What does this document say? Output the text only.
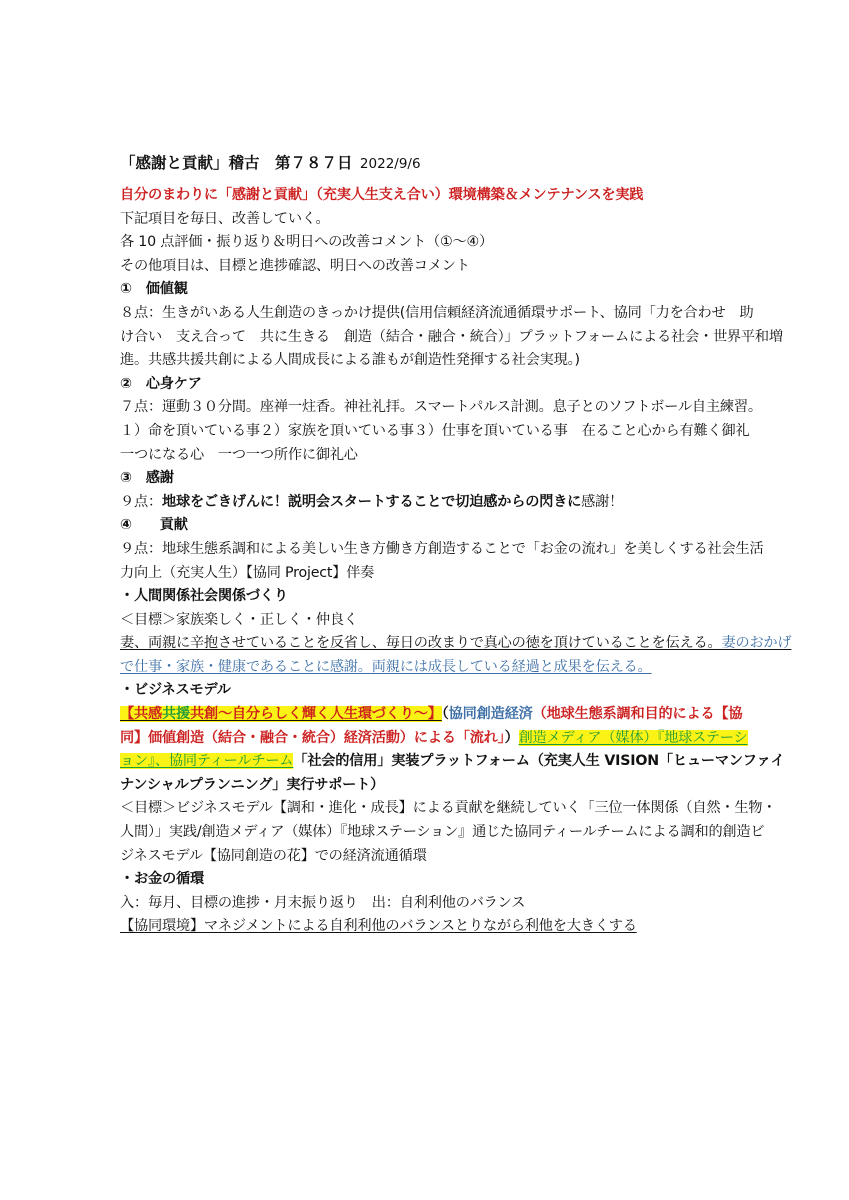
「感謝と貢献」稽古　第７８７日 2022/9/6
自分のまわりに「感謝と貢献」（充実人生支え合い）環境構築＆メンテナンスを実践
下記項目を毎日、改善していく。
各 10 点評価・振り返り＆明日への改善コメント（①～④）
その他項目は、目標と進捗確認、明日への改善コメント
①　価値観
８点：生きがいある人生創造のきっかけ提供(信用信頼経済流通循環サポート、協同「力を合わせ　助
け合い　支え合って　共に生きる　創造（結合・融合・統合）」プラットフォームによる社会・世界平和増
進。共感共援共創による人間成長による誰もが創造性発揮する社会実現。)
②　心身ケア
７点：運動３０分間。座禅一炷香。神社礼拝。スマートパルス計測。息子とのソフトボール自主練習。
１）命を頂いている事２）家族を頂いている事３）仕事を頂いている事　在ること心から有難く御礼
一つになる心　一つ一つ所作に御礼心
③　感謝
９点：地球をごきげんに！説明会スタートすることで切迫感からの閃きに感謝！
④　　貢献
９点：地球生態系調和による美しい生き方働き方創造することで「お金の流れ」を美しくする社会生活
力向上（充実人生）【協同 Project】伴奏
・人間関係社会関係づくり
＜目標＞家族楽しく・正しく・仲良く
妻、両親に辛抱させていることを反省し、毎日の改まりで真心の徳を頂けていることを伝える。妻のおかげ
で仕事・家族・健康であることに感謝。両親には成長している経過と成果を伝える。
・ビジネスモデル
【共感共援共創～自分らしく輝く人生環づくり～】（協同創造経済（地球生態系調和目的による【協
同】価値創造（結合・融合・統合）経済活動）による「流れ」）創造メディア（媒体）『地球ステーシ
ョン』、協同ティールチーム「社会的信用」実装プラットフォーム（充実人生 VISION「ヒューマンファイ
ナンシャルプランニング」実行サポート）
＜目標＞ビジネスモデル【調和・進化・成長】による貢献を継続していく「三位一体関係（自然・生物・
人間）」実践/創造メディア（媒体）『地球ステーション』通じた協同ティールチームによる調和的創造ビ
ジネスモデル【協同創造の花】での経済流通循環
・お金の循環
入：毎月、目標の進捗・月末振り返り　出：自利利他のバランス
【協同環境】マネジメントによる自利利他のバランスとりながら利他を大きくする
